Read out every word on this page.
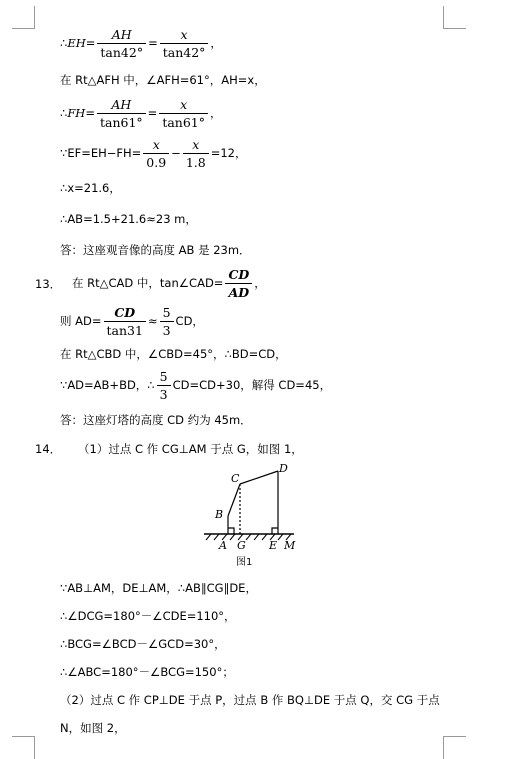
∴EH= $\frac{AH}{\tan 42^\circ} = \frac{x}{\tan 42^\circ}$ ，
在 Rt△AFH 中，∠AFH=61°，AH=x，
∴FH= $\frac{AH}{\tan 61^\circ} = \frac{x}{\tan 61^\circ}$ ，
∵EF=EH−FH= $\frac{x}{0.9} - \frac{x}{1.8} =12$，
∴x=21.6，
∴AB=1.5+21.6≈23 m，
答：这座观音像的高度 AB 是 23m．
13． 在 Rt△CAD 中，tan∠CAD= $\frac{CD}{AD}$ ，
则 $AD= \frac{CD}{\tan 31} \approx \frac{5}{3}$ CD，
在 Rt△CBD 中，∠CBD=45°，∴BD=CD，
∵AD=AB+BD，∴ $\frac{5}{3} CD=CD+30$，解得 CD=45，
答：这座灯塔的高度 CD 约为 45m．
14． （1）过点 C 作 CG⊥AM 于点 G，如图 1，
C
D
B
A G E M
图1
∵AB⊥AM，DE⊥AM，∴AB∥CG∥DE，
∴∠DCG=180°－∠CDE=110°，
∴BCG=∠BCD－∠GCD=30°，
∴∠ABC=180°－∠BCG=150°；
（2）过点 C 作 CP⊥DE 于点 P，过点 B 作 BQ⊥DE 于点 Q，交 CG 于点
N，如图 2，
